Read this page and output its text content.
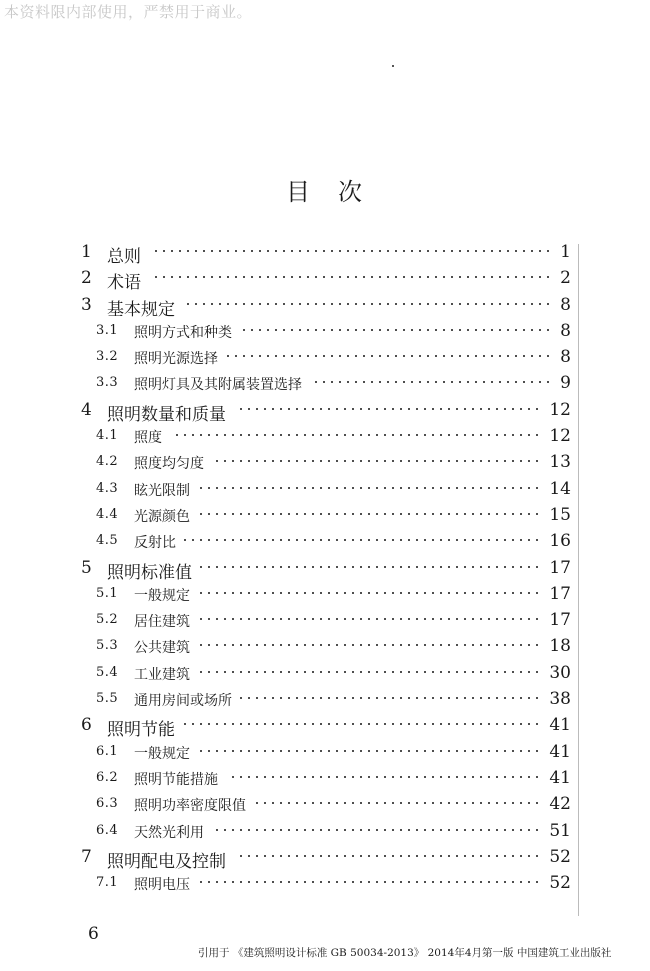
本资料限内部使用，严禁用于商业。
目　次
1 总则	1
2 术语	2
3 基本规定	8
3.1 照明方式和种类	8
3.2 照明光源选择	8
3.3 照明灯具及其附属装置选择	9
4 照明数量和质量	12
4.1 照度	12
4.2 照度均匀度	13
4.3 眩光限制	14
4.4 光源颜色	15
4.5 反射比	16
5 照明标准值	17
5.1 一般规定	17
5.2 居住建筑	17
5.3 公共建筑	18
5.4 工业建筑	30
5.5 通用房间或场所	38
6 照明节能	41
6.1 一般规定	41
6.2 照明节能措施	41
6.3 照明功率密度限值	42
6.4 天然光利用	51
7 照明配电及控制	52
7.1 照明电压	52
6
引用于 《建筑照明设计标准 GB 50034-2013》 2014年4月第一版 中国建筑工业出版社
